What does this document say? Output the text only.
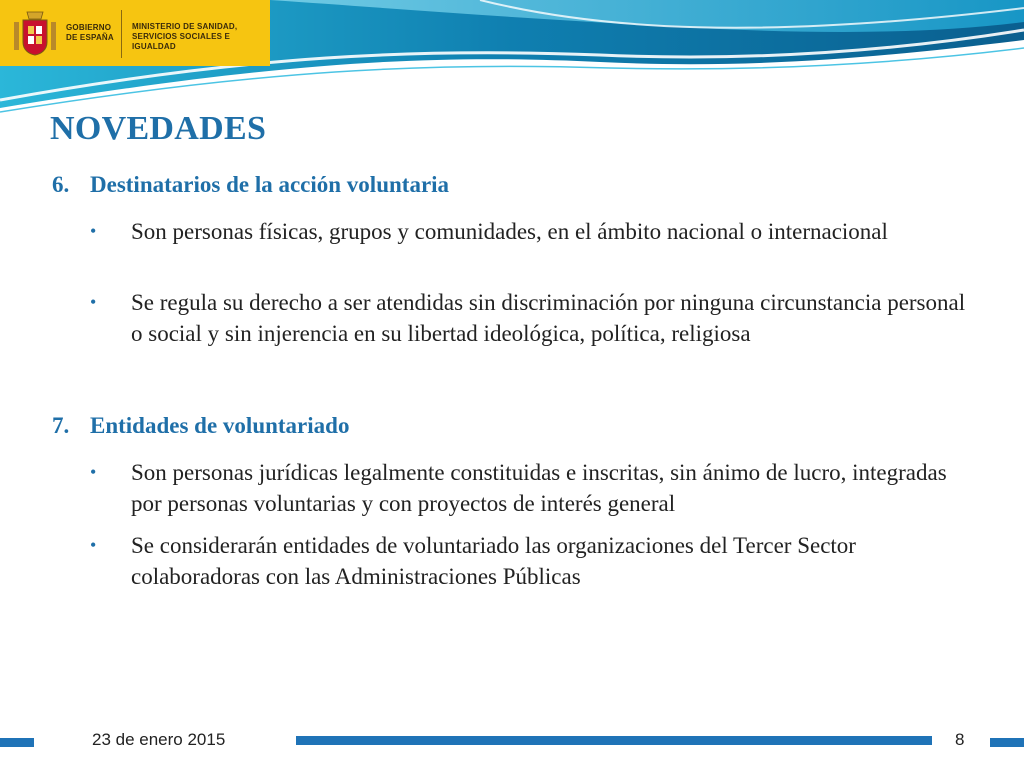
GOBIERNO DE ESPAÑA
MINISTERIO DE SANIDAD, SERVICIOS SOCIALES E IGUALDAD
NOVEDADES
6. Destinatarios de la acción voluntaria
• Son personas físicas, grupos y comunidades, en el ámbito nacional o internacional
• Se regula su derecho a ser atendidas sin discriminación por ninguna circunstancia personal o social y sin injerencia en su libertad ideológica, política, religiosa
7. Entidades de voluntariado
• Son personas jurídicas legalmente constituidas e inscritas, sin ánimo de lucro, integradas por personas voluntarias y con proyectos de interés general
• Se considerarán entidades de voluntariado las organizaciones del Tercer Sector colaboradoras con las Administraciones Públicas
23 de enero 2015	8
